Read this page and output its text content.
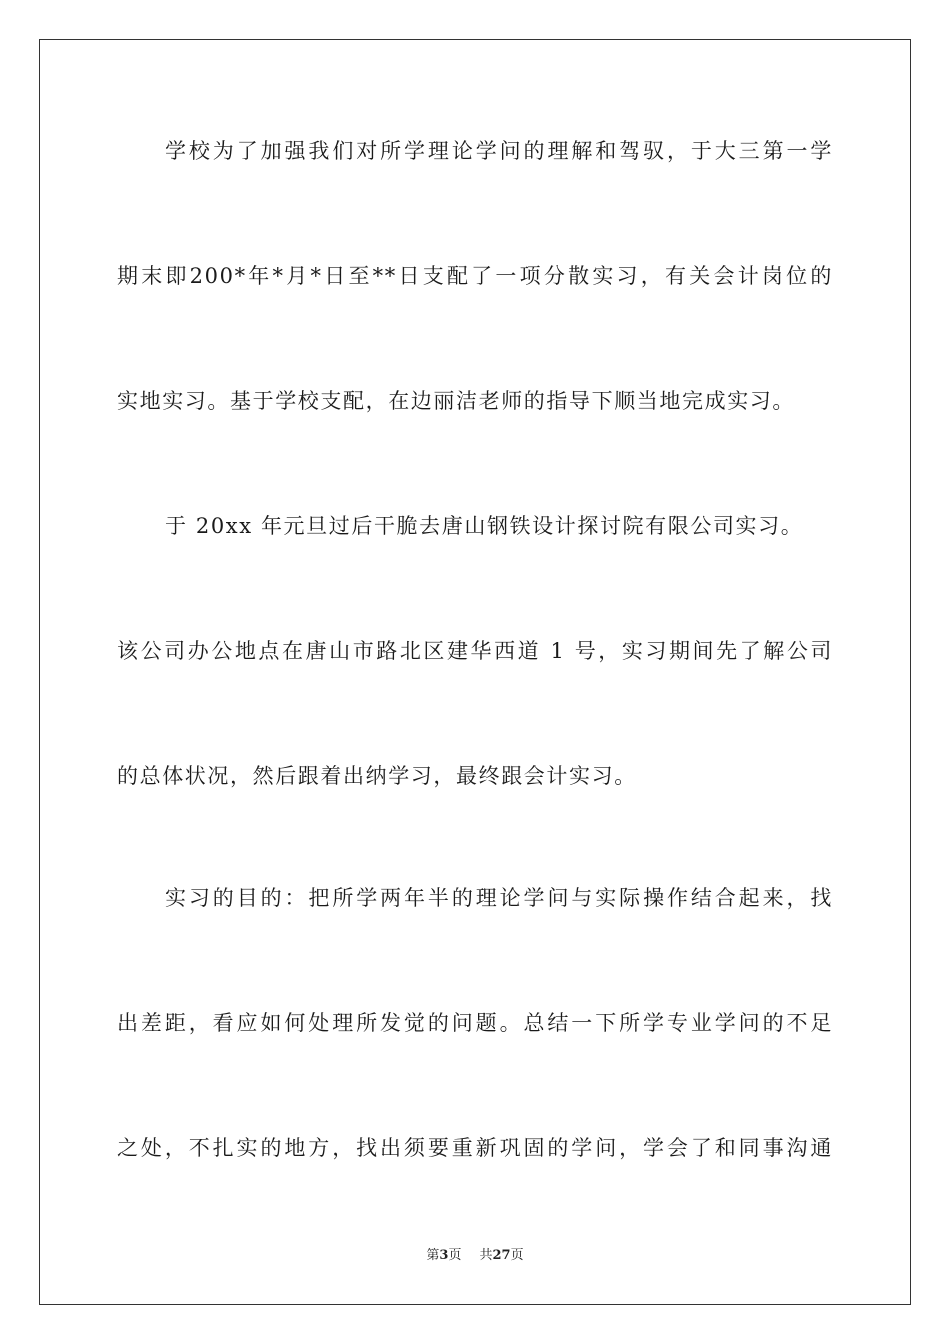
学校为了加强我们对所学理论学问的理解和驾驭，于大三第一学
期末即200*年*月*日至**日支配了一项分散实习，有关会计岗位的
实地实习。基于学校支配，在边丽洁老师的指导下顺当地完成实习。
于 20xx 年元旦过后干脆去唐山钢铁设计探讨院有限公司实习。
该公司办公地点在唐山市路北区建华西道 1 号，实习期间先了解公司
的总体状况，然后跟着出纳学习，最终跟会计实习。
实习的目的：把所学两年半的理论学问与实际操作结合起来，找
出差距，看应如何处理所发觉的问题。总结一下所学专业学问的不足
之处，不扎实的地方，找出须要重新巩固的学问，学会了和同事沟通
第3页 共27页
